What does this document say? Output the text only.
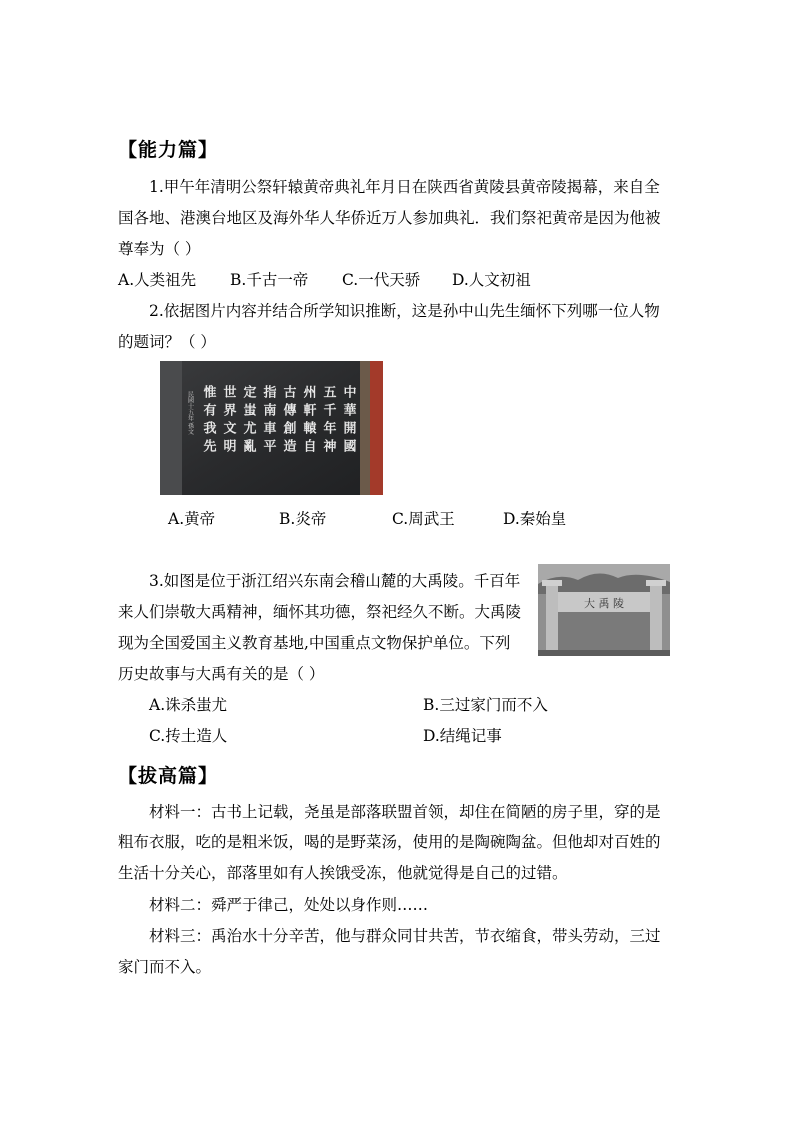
【能力篇】
1.甲午年清明公祭轩辕黄帝典礼年月日在陕西省黄陵县黄帝陵揭幕，来自全
国各地、港澳台地区及海外华人华侨近万人参加典礼．我们祭祀黄帝是因为他被
尊奉为（ ）
A.人类祖先 B.千古一帝 C.一代天骄 D.人文初祖
2.依据图片内容并结合所学知识推断，这是孙中山先生缅怀下列哪一位人物
的题词？（ ）
中華開國
五千年神
州軒轅自
古傳創造
指南車平
定蚩尤亂
世界文明
惟有我先
民國十五年 孫文
A.黄帝	B.炎帝	C.周武王	D.秦始皇
3.如图是位于浙江绍兴东南会稽山麓的大禹陵。千百年
来人们崇敬大禹精神，缅怀其功德，祭祀经久不断。大禹陵
现为全国爱国主义教育基地,中国重点文物保护单位。下列
历史故事与大禹有关的是（ ）
大 禹 陵
A.诛杀蚩尤	B.三过家门而不入
C.抟土造人	D.结绳记事
【拔高篇】
材料一：古书上记载，尧虽是部落联盟首领，却住在简陋的房子里，穿的是
粗布衣服，吃的是粗米饭，喝的是野菜汤，使用的是陶碗陶盆。但他却对百姓的
生活十分关心，部落里如有人挨饿受冻，他就觉得是自己的过错。
材料二：舜严于律己，处处以身作则……
材料三：禹治水十分辛苦，他与群众同甘共苦，节衣缩食，带头劳动，三过
家门而不入。
